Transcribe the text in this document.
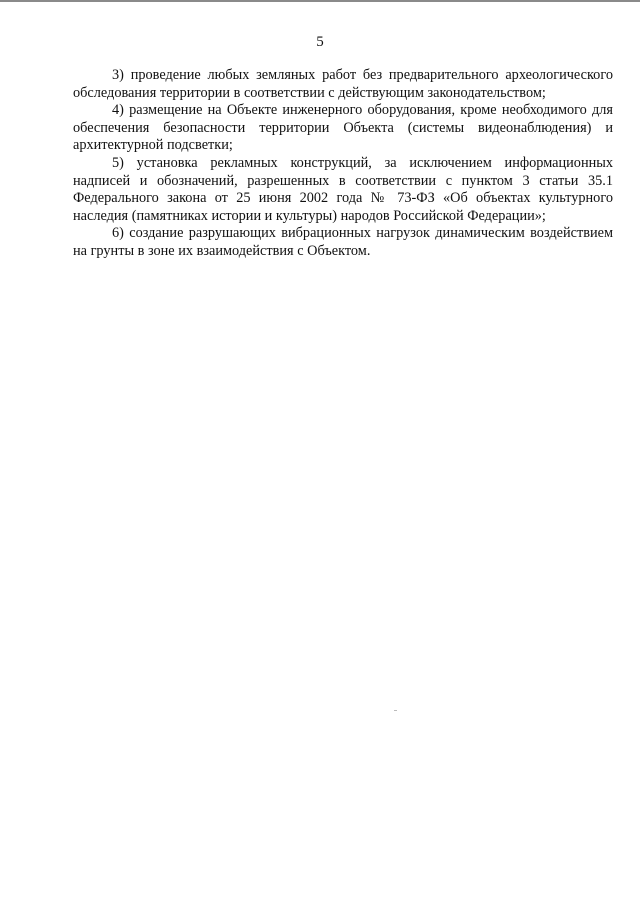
5

3) проведение любых земляных работ без предварительного археологического обследования территории в соответствии с действующим законодательством;

4) размещение на Объекте инженерного оборудования, кроме необходимого для обеспечения безопасности территории Объекта (системы видеонаблюдения) и архитектурной подсветки;

5) установка рекламных конструкций, за исключением информационных надписей и обозначений, разрешенных в соответствии с пунктом 3 статьи 35.1 Федерального закона от 25 июня 2002 года № 73-ФЗ «Об объектах культурного наследия (памятниках истории и культуры) народов Российской Федерации»;

6) создание разрушающих вибрационных нагрузок динамическим воздействием на грунты в зоне их взаимодействия с Объектом.
